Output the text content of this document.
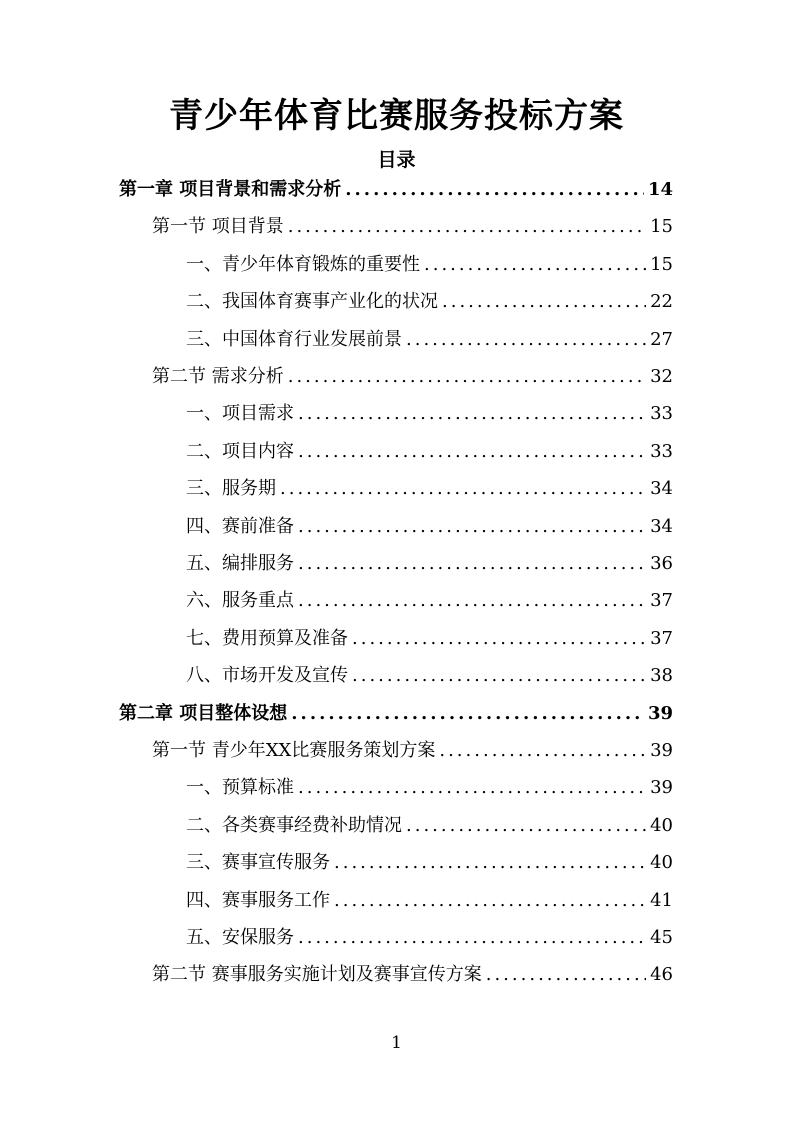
青少年体育比赛服务投标方案
目录
第一章 项目背景和需求分析 .....	14
第一节 项目背景 .....	15
一、青少年体育锻炼的重要性 .....	15
二、我国体育赛事产业化的状况 .....	22
三、中国体育行业发展前景 .....	27
第二节 需求分析 .....	32
一、项目需求 .....	33
二、项目内容 .....	33
三、服务期 .....	34
四、赛前准备 .....	34
五、编排服务 .....	36
六、服务重点 .....	37
七、费用预算及准备 .....	37
八、市场开发及宣传 .....	38
第二章 项目整体设想 .....	39
第一节 青少年XX比赛服务策划方案 .....	39
一、预算标准 .....	39
二、各类赛事经费补助情况 .....	40
三、赛事宣传服务 .....	40
四、赛事服务工作 .....	41
五、安保服务 .....	45
第二节 赛事服务实施计划及赛事宣传方案 .....	46
1
